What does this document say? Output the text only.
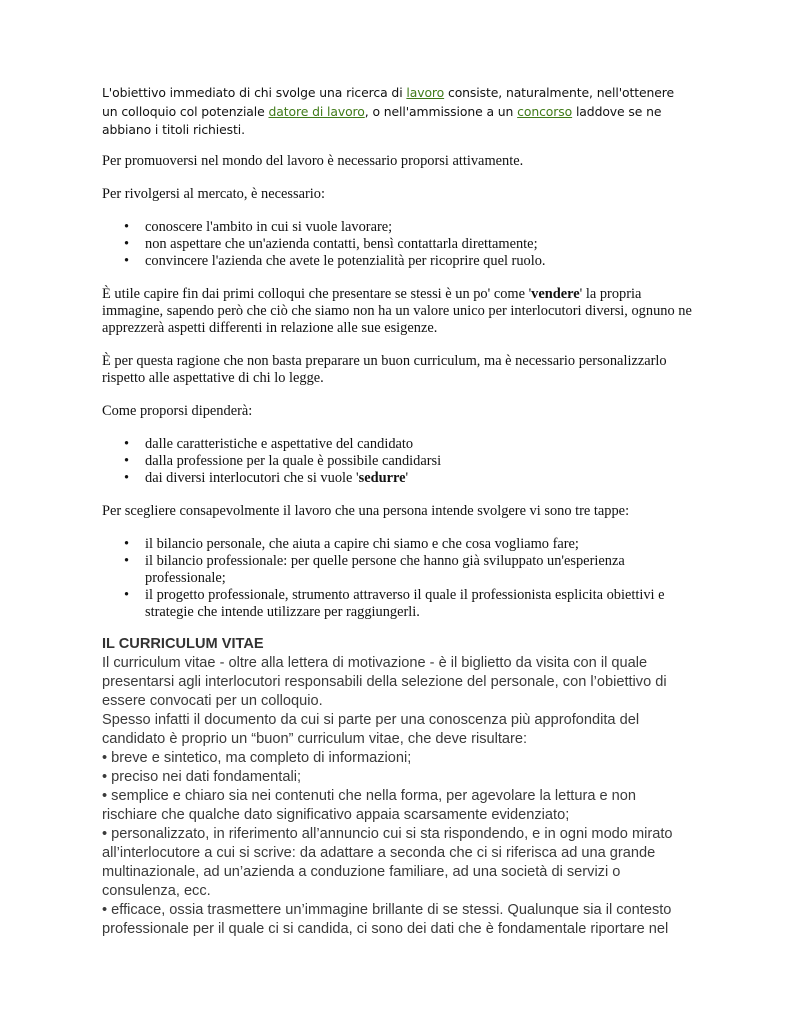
L'obiettivo immediato di chi svolge una ricerca di lavoro consiste, naturalmente, nell'ottenere un colloquio col potenziale datore di lavoro, o nell'ammissione a un concorso laddove se ne abbiano i titoli richiesti.

Per promuoversi nel mondo del lavoro è necessario proporsi attivamente.

Per rivolgersi al mercato, è necessario:

• conoscere l'ambito in cui si vuole lavorare;
• non aspettare che un'azienda contatti, bensì contattarla direttamente;
• convincere l'azienda che avete le potenzialità per ricoprire quel ruolo.

È utile capire fin dai primi colloqui che presentare se stessi è un po' come 'vendere' la propria immagine, sapendo però che ciò che siamo non ha un valore unico per interlocutori diversi, ognuno ne apprezzerà aspetti differenti in relazione alle sue esigenze.

È per questa ragione che non basta preparare un buon curriculum, ma è necessario personalizzarlo rispetto alle aspettative di chi lo legge.

Come proporsi dipenderà:

• dalle caratteristiche e aspettative del candidato
• dalla professione per la quale è possibile candidarsi
• dai diversi interlocutori che si vuole 'sedurre'

Per scegliere consapevolmente il lavoro che una persona intende svolgere vi sono tre tappe:

• il bilancio personale, che aiuta a capire chi siamo e che cosa vogliamo fare;
• il bilancio professionale: per quelle persone che hanno già sviluppato un'esperienza professionale;
• il progetto professionale, strumento attraverso il quale il professionista esplicita obiettivi e strategie che intende utilizzare per raggiungerli.
IL CURRICULUM VITAE

Il curriculum vitae - oltre alla lettera di motivazione - è il biglietto da visita con il quale presentarsi agli interlocutori responsabili della selezione del personale, con l’obiettivo di essere convocati per un colloquio.

Spesso infatti il documento da cui si parte per una conoscenza più approfondita del candidato è proprio un “buon” curriculum vitae, che deve risultare:

• breve e sintetico, ma completo di informazioni;

• preciso nei dati fondamentali;

• semplice e chiaro sia nei contenuti che nella forma, per agevolare la lettura e non rischiare che qualche dato significativo appaia scarsamente evidenziato;

• personalizzato, in riferimento all’annuncio cui si sta rispondendo, e in ogni modo mirato all’interlocutore a cui si scrive: da adattare a seconda che ci si riferisca ad una grande multinazionale, ad un’azienda a conduzione familiare, ad una società di servizi o consulenza, ecc.

• efficace, ossia trasmettere un’immagine brillante di se stessi. Qualunque sia il contesto professionale per il quale ci si candida, ci sono dei dati che è fondamentale riportare nel
